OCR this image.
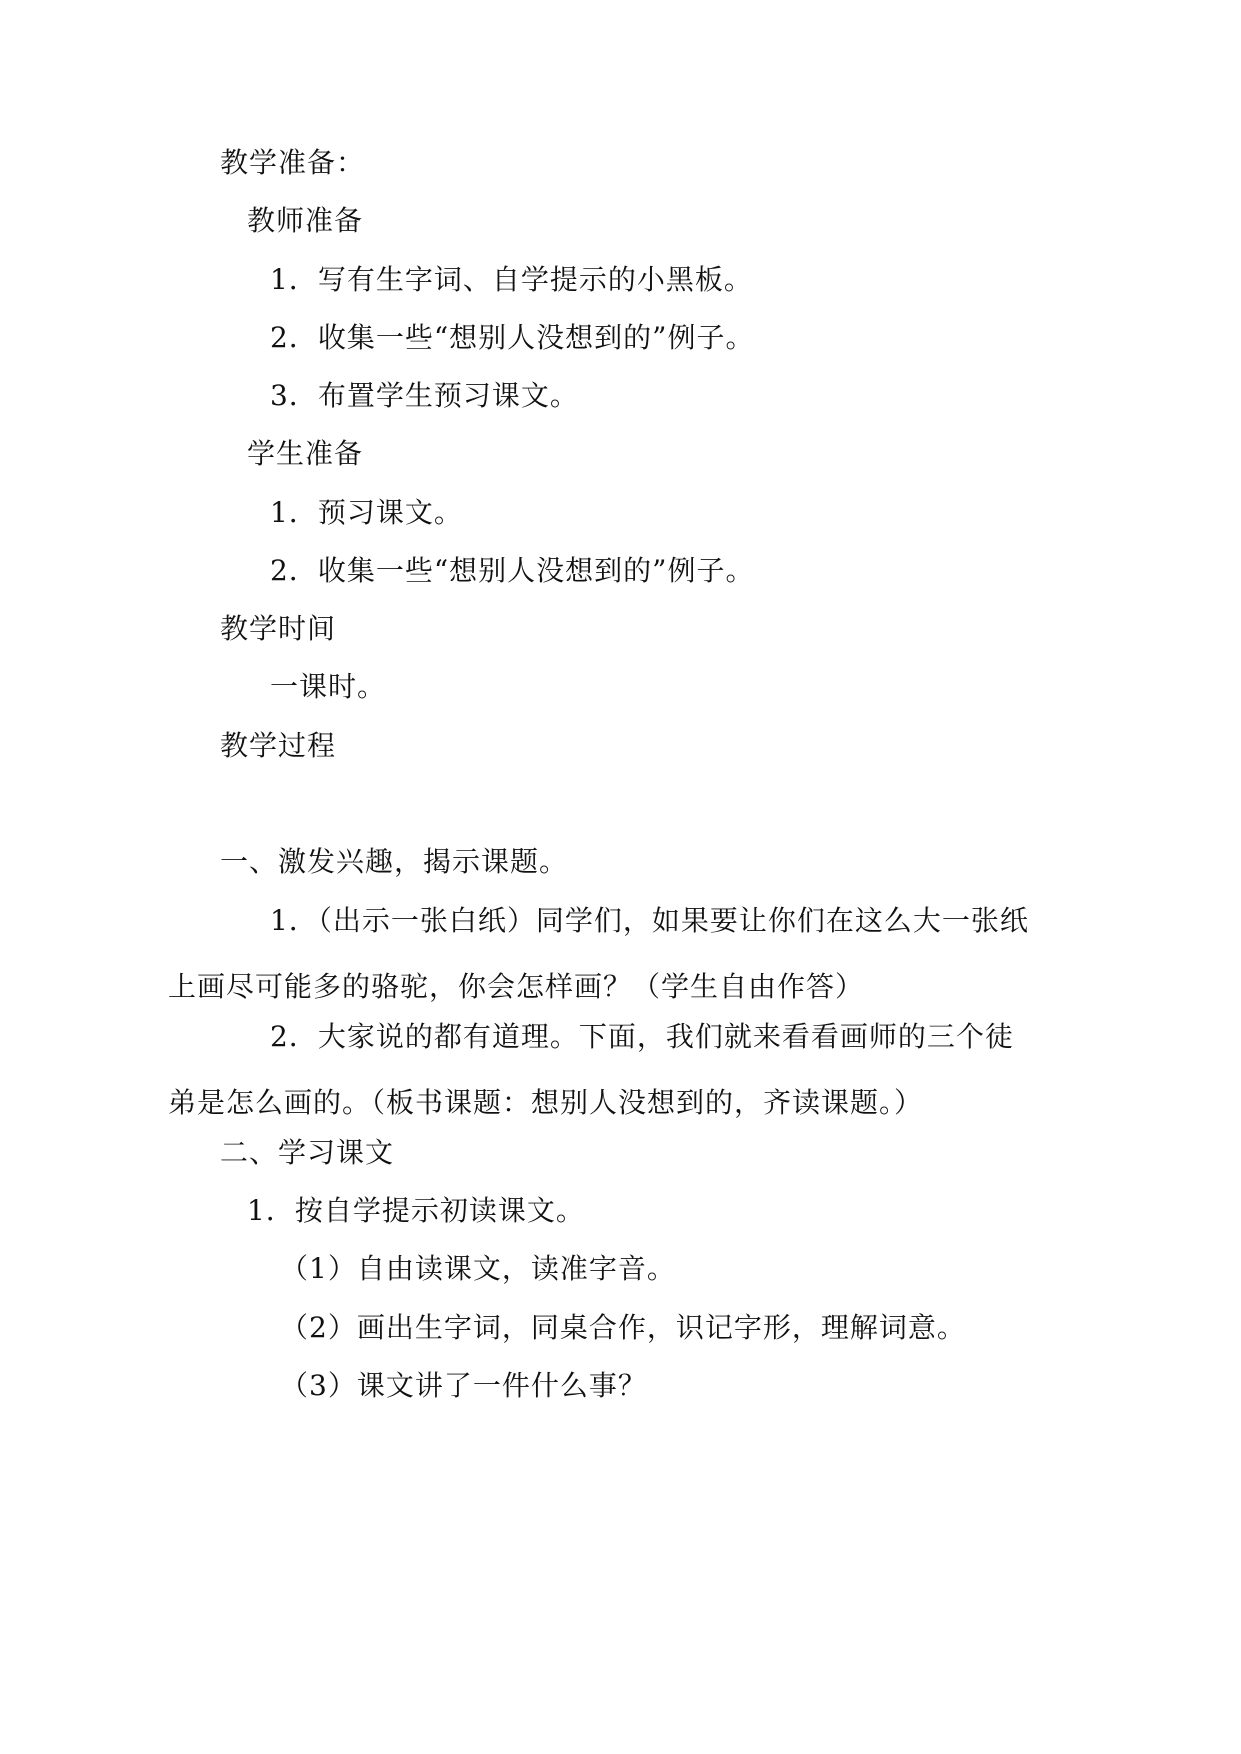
教学准备：
教师准备
1．写有生字词、自学提示的小黑板。
2．收集一些“想别人没想到的”例子。
3．布置学生预习课文。
学生准备
1．预习课文。
2．收集一些“想别人没想到的”例子。
教学时间
一课时。
教学过程
一、激发兴趣，揭示课题。
1．（出示一张白纸）同学们，如果要让你们在这么大一张纸上画尽可能多的骆驼，你会怎样画？（学生自由作答）
2．大家说的都有道理。下面，我们就来看看画师的三个徒弟是怎么画的。（板书课题：想别人没想到的，齐读课题。）
二、学习课文
1．按自学提示初读课文。
（1）自由读课文，读准字音。
（2）画出生字词，同桌合作，识记字形，理解词意。
（3）课文讲了一件什么事？
